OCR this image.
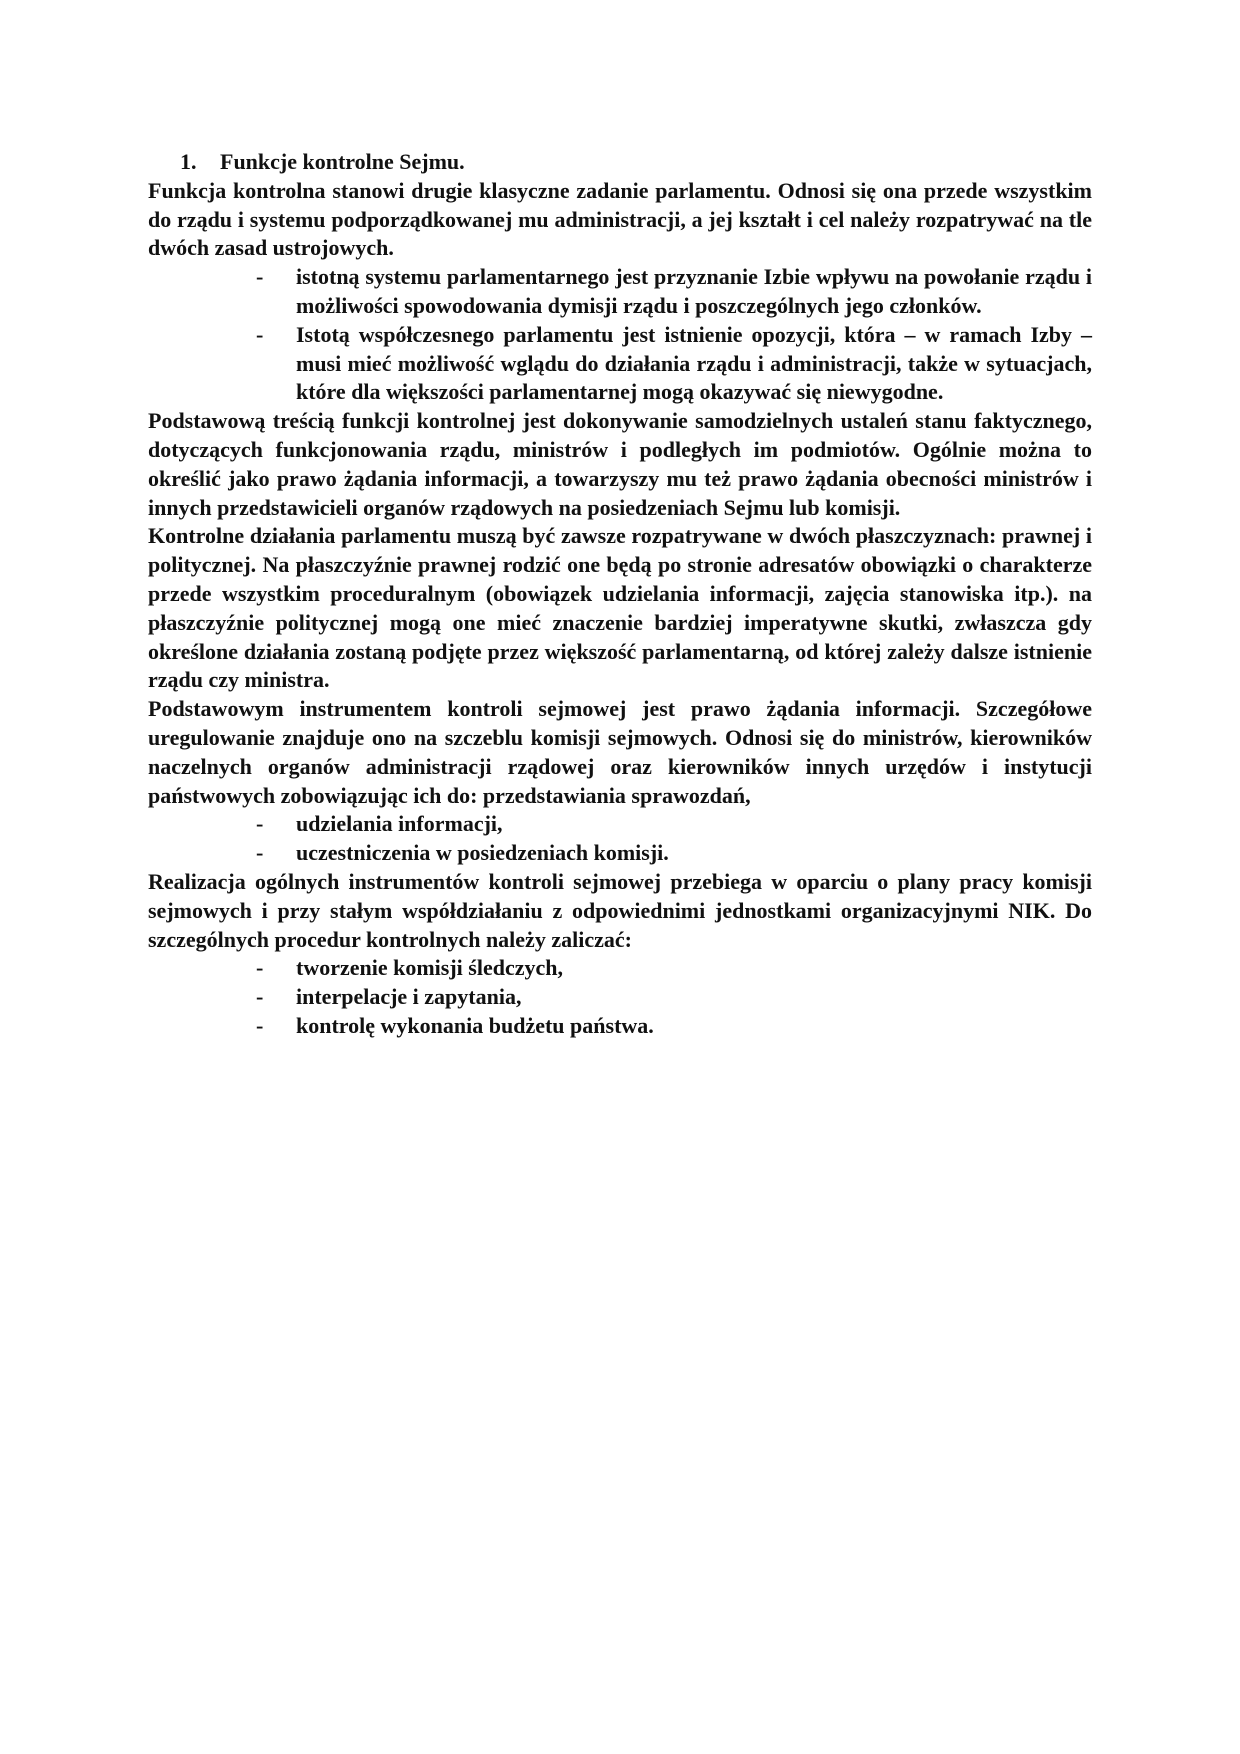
1.	Funkcje kontrolne Sejmu.

Funkcja kontrolna stanowi drugie klasyczne zadanie parlamentu. Odnosi się ona przede wszystkim do rządu i systemu podporządkowanej mu administracji, a jej kształt i cel należy rozpatrywać na tle dwóch zasad ustrojowych.

-	istotną systemu parlamentarnego jest przyznanie Izbie wpływu na powołanie rządu i możliwości spowodowania dymisji rządu i poszczególnych jego członków.
-	Istotą współczesnego parlamentu jest istnienie opozycji, która – w ramach Izby – musi mieć możliwość wglądu do działania rządu i administracji, także w sytuacjach, które dla większości parlamentarnej mogą okazywać się niewygodne.

Podstawową treścią funkcji kontrolnej jest dokonywanie samodzielnych ustaleń stanu faktycznego, dotyczących funkcjonowania rządu, ministrów i podległych im podmiotów. Ogólnie można to określić jako prawo żądania informacji, a towarzyszy mu też prawo żądania obecności ministrów i innych przedstawicieli organów rządowych na posiedzeniach Sejmu lub komisji.

Kontrolne działania parlamentu muszą być zawsze rozpatrywane w dwóch płaszczyznach: prawnej i politycznej. Na płaszczyźnie prawnej rodzić one będą po stronie adresatów obowiązki o charakterze przede wszystkim proceduralnym (obowiązek udzielania informacji, zajęcia stanowiska itp.). na płaszczyźnie politycznej mogą one mieć znaczenie bardziej imperatywne skutki, zwłaszcza gdy określone działania zostaną podjęte przez większość parlamentarną, od której zależy dalsze istnienie rządu czy ministra.

Podstawowym instrumentem kontroli sejmowej jest prawo żądania informacji. Szczegółowe uregulowanie znajduje ono na szczeblu komisji sejmowych. Odnosi się do ministrów, kierowników naczelnych organów administracji rządowej oraz kierowników innych urzędów i instytucji państwowych zobowiązując ich do: przedstawiania sprawozdań,

-	udzielania informacji,
-	uczestniczenia w posiedzeniach komisji.

Realizacja ogólnych instrumentów kontroli sejmowej przebiega w oparciu o plany pracy komisji sejmowych i przy stałym współdziałaniu z odpowiednimi jednostkami organizacyjnymi NIK. Do szczególnych procedur kontrolnych należy zaliczać:

-	tworzenie komisji śledczych,
-	interpelacje i zapytania,
-	kontrolę wykonania budżetu państwa.
